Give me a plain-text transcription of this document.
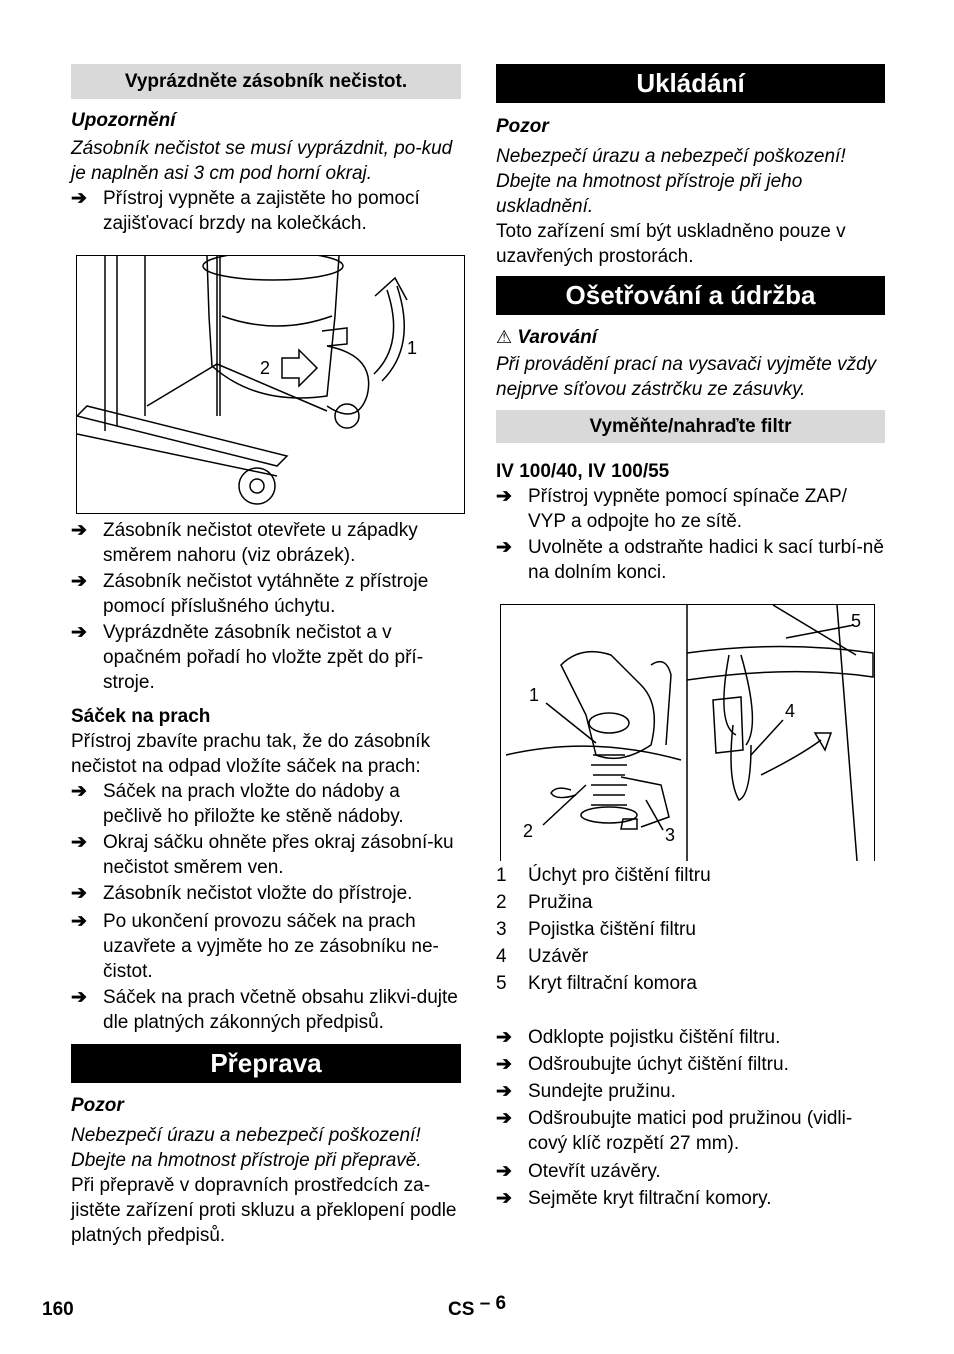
Vyprázdněte zásobník nečistot.

Upozornění

Zásobník nečistot se musí vyprázdnit, po-kud je naplněn asi 3 cm pod horní okraj.

➔ Přístroj vypněte a zajistěte ho pomocí zajišťovací brzdy na kolečkách.
1
2
➔ Zásobník nečistot otevřete u západky směrem nahoru (viz obrázek).
➔ Zásobník nečistot vytáhněte z přístroje pomocí příslušného úchytu.
➔ Vyprázdněte zásobník nečistot a v opačném pořadí ho vložte zpět do pří-stroje.

Sáček na prach

Přístroj zbavíte prachu tak, že do zásobník nečistot na odpad vložíte sáček na prach:

➔ Sáček na prach vložte do nádoby a pečlivě ho přiložte ke stěně nádoby.
➔ Okraj sáčku ohněte přes okraj zásobní-ku nečistot směrem ven.
➔ Zásobník nečistot vložte do přístroje.
➔ Po ukončení provozu sáček na prach uzavřete a vyjměte ho ze zásobníku ne-čistot.
➔ Sáček na prach včetně obsahu zlikvi-dujte dle platných zákonných předpisů.
Přeprava

Pozor

Nebezpečí úrazu a nebezpečí poškození! Dbejte na hmotnost přístroje při přepravě.

Při přepravě v dopravních prostředcích za-jistěte zařízení proti skluzu a překlopení podle platných předpisů.

Ukládání

Pozor

Nebezpečí úrazu a nebezpečí poškození! Dbejte na hmotnost přístroje při jeho uskladnění.

Toto zařízení smí být uskladněno pouze v uzavřených prostorách.

Ošetřování a údržba

⚠ Varování

Při provádění prací na vysavači vyjměte vždy nejprve síťovou zástrčku ze zásuvky.

Vyměňte/nahraďte filtr

IV 100/40, IV 100/55

➔ Přístroj vypněte pomocí spínače ZAP/ VYP a odpojte ho ze sítě.
➔ Uvolněte a odstraňte hadici k sací turbí-ně na dolním konci.
1
2	3
4
5
1	Úchyt pro čištění filtru
2	Pružina
3	Pojistka čištění filtru
4	Uzávěr
5	Kryt filtrační komora
➔ Odklopte pojistku čištění filtru.
➔ Odšroubujte úchyt čištění filtru.
➔ Sundejte pružinu.
➔ Odšroubujte matici pod pružinou (vidli-cový klíč rozpětí 27 mm).
➔ Otevřít uzávěry.
➔ Sejměte kryt filtrační komory.
160	CS – 6
